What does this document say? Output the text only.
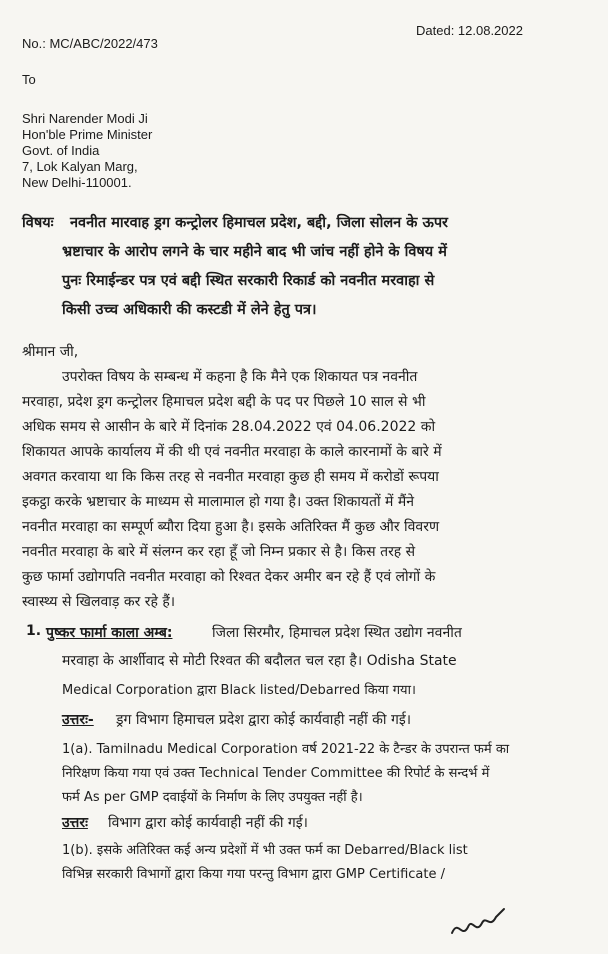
No.: MC/ABC/2022/473
Dated: 12.08.2022
To
Shri Narender Modi Ji
Hon'ble Prime Minister
Govt. of India
7, Lok Kalyan Marg,
New Delhi-110001.
विषयः नवनीत मारवाह ड्रग कन्ट्रोलर हिमाचल प्रदेश, बद्दी, जिला सोलन के ऊपर
भ्रष्टाचार के आरोप लगने के चार महीने बाद भी जांच नहीं होने के विषय में
पुनः रिमाईन्डर पत्र एवं बद्दी स्थित सरकारी रिकार्ड को नवनीत मरवाहा से
किसी उच्च अधिकारी की कस्टडी में लेने हेतु पत्र।
श्रीमान जी,
उपरोक्त विषय के सम्बन्ध में कहना है कि मैने एक शिकायत पत्र नवनीत
मरवाहा, प्रदेश ड्रग कन्ट्रोलर हिमाचल प्रदेश बद्दी के पद पर पिछले 10 साल से भी
अधिक समय से आसीन के बारे में दिनांक 28.04.2022 एवं 04.06.2022 को
शिकायत आपके कार्यालय में की थी एवं नवनीत मरवाहा के काले कारनामों के बारे में
अवगत करवाया था कि किस तरह से नवनीत मरवाहा कुछ ही समय में करोडों रूपया
इकट्ठा करके भ्रष्टाचार के माध्यम से मालामाल हो गया है। उक्त शिकायतों में मैंने
नवनीत मरवाहा का सम्पूर्ण ब्यौरा दिया हुआ है। इसके अतिरिक्त मैं कुछ और विवरण
नवनीत मरवाहा के बारे में संलग्न कर रहा हूँ जो निम्न प्रकार से है। किस तरह से
कुछ फार्मा उद्योगपति नवनीत मरवाहा को रिश्वत देकर अमीर बन रहे हैं एवं लोगों के
स्वास्थ्य से खिलवाड़ कर रहे हैं।
1. पुष्कर फार्मा काला अम्ब:	जिला सिरमौर, हिमाचल प्रदेश स्थित उद्योग नवनीत
मरवाहा के आर्शीवाद से मोटी रिश्वत की बदौलत चल रहा है। Odisha State
Medical Corporation द्वारा Black listed/Debarred किया गया।
उत्तरः- ड्रग विभाग हिमाचल प्रदेश द्वारा कोई कार्यवाही नहीं की गई।
1(a). Tamilnadu Medical Corporation वर्ष 2021-22 के टैन्डर के उपरान्त फर्म का
निरिक्षण किया गया एवं उक्त Technical Tender Committee की रिपोर्ट के सन्दर्भ में
फर्म As per GMP दवाईयों के निर्माण के लिए उपयुक्त नहीं है।
उत्तरः विभाग द्वारा कोई कार्यवाही नहीं की गई।
1(b). इसके अतिरिक्त कई अन्य प्रदेशों में भी उक्त फर्म का Debarred/Black list
विभिन्न सरकारी विभागों द्वारा किया गया परन्तु विभाग द्वारा GMP Certificate /
